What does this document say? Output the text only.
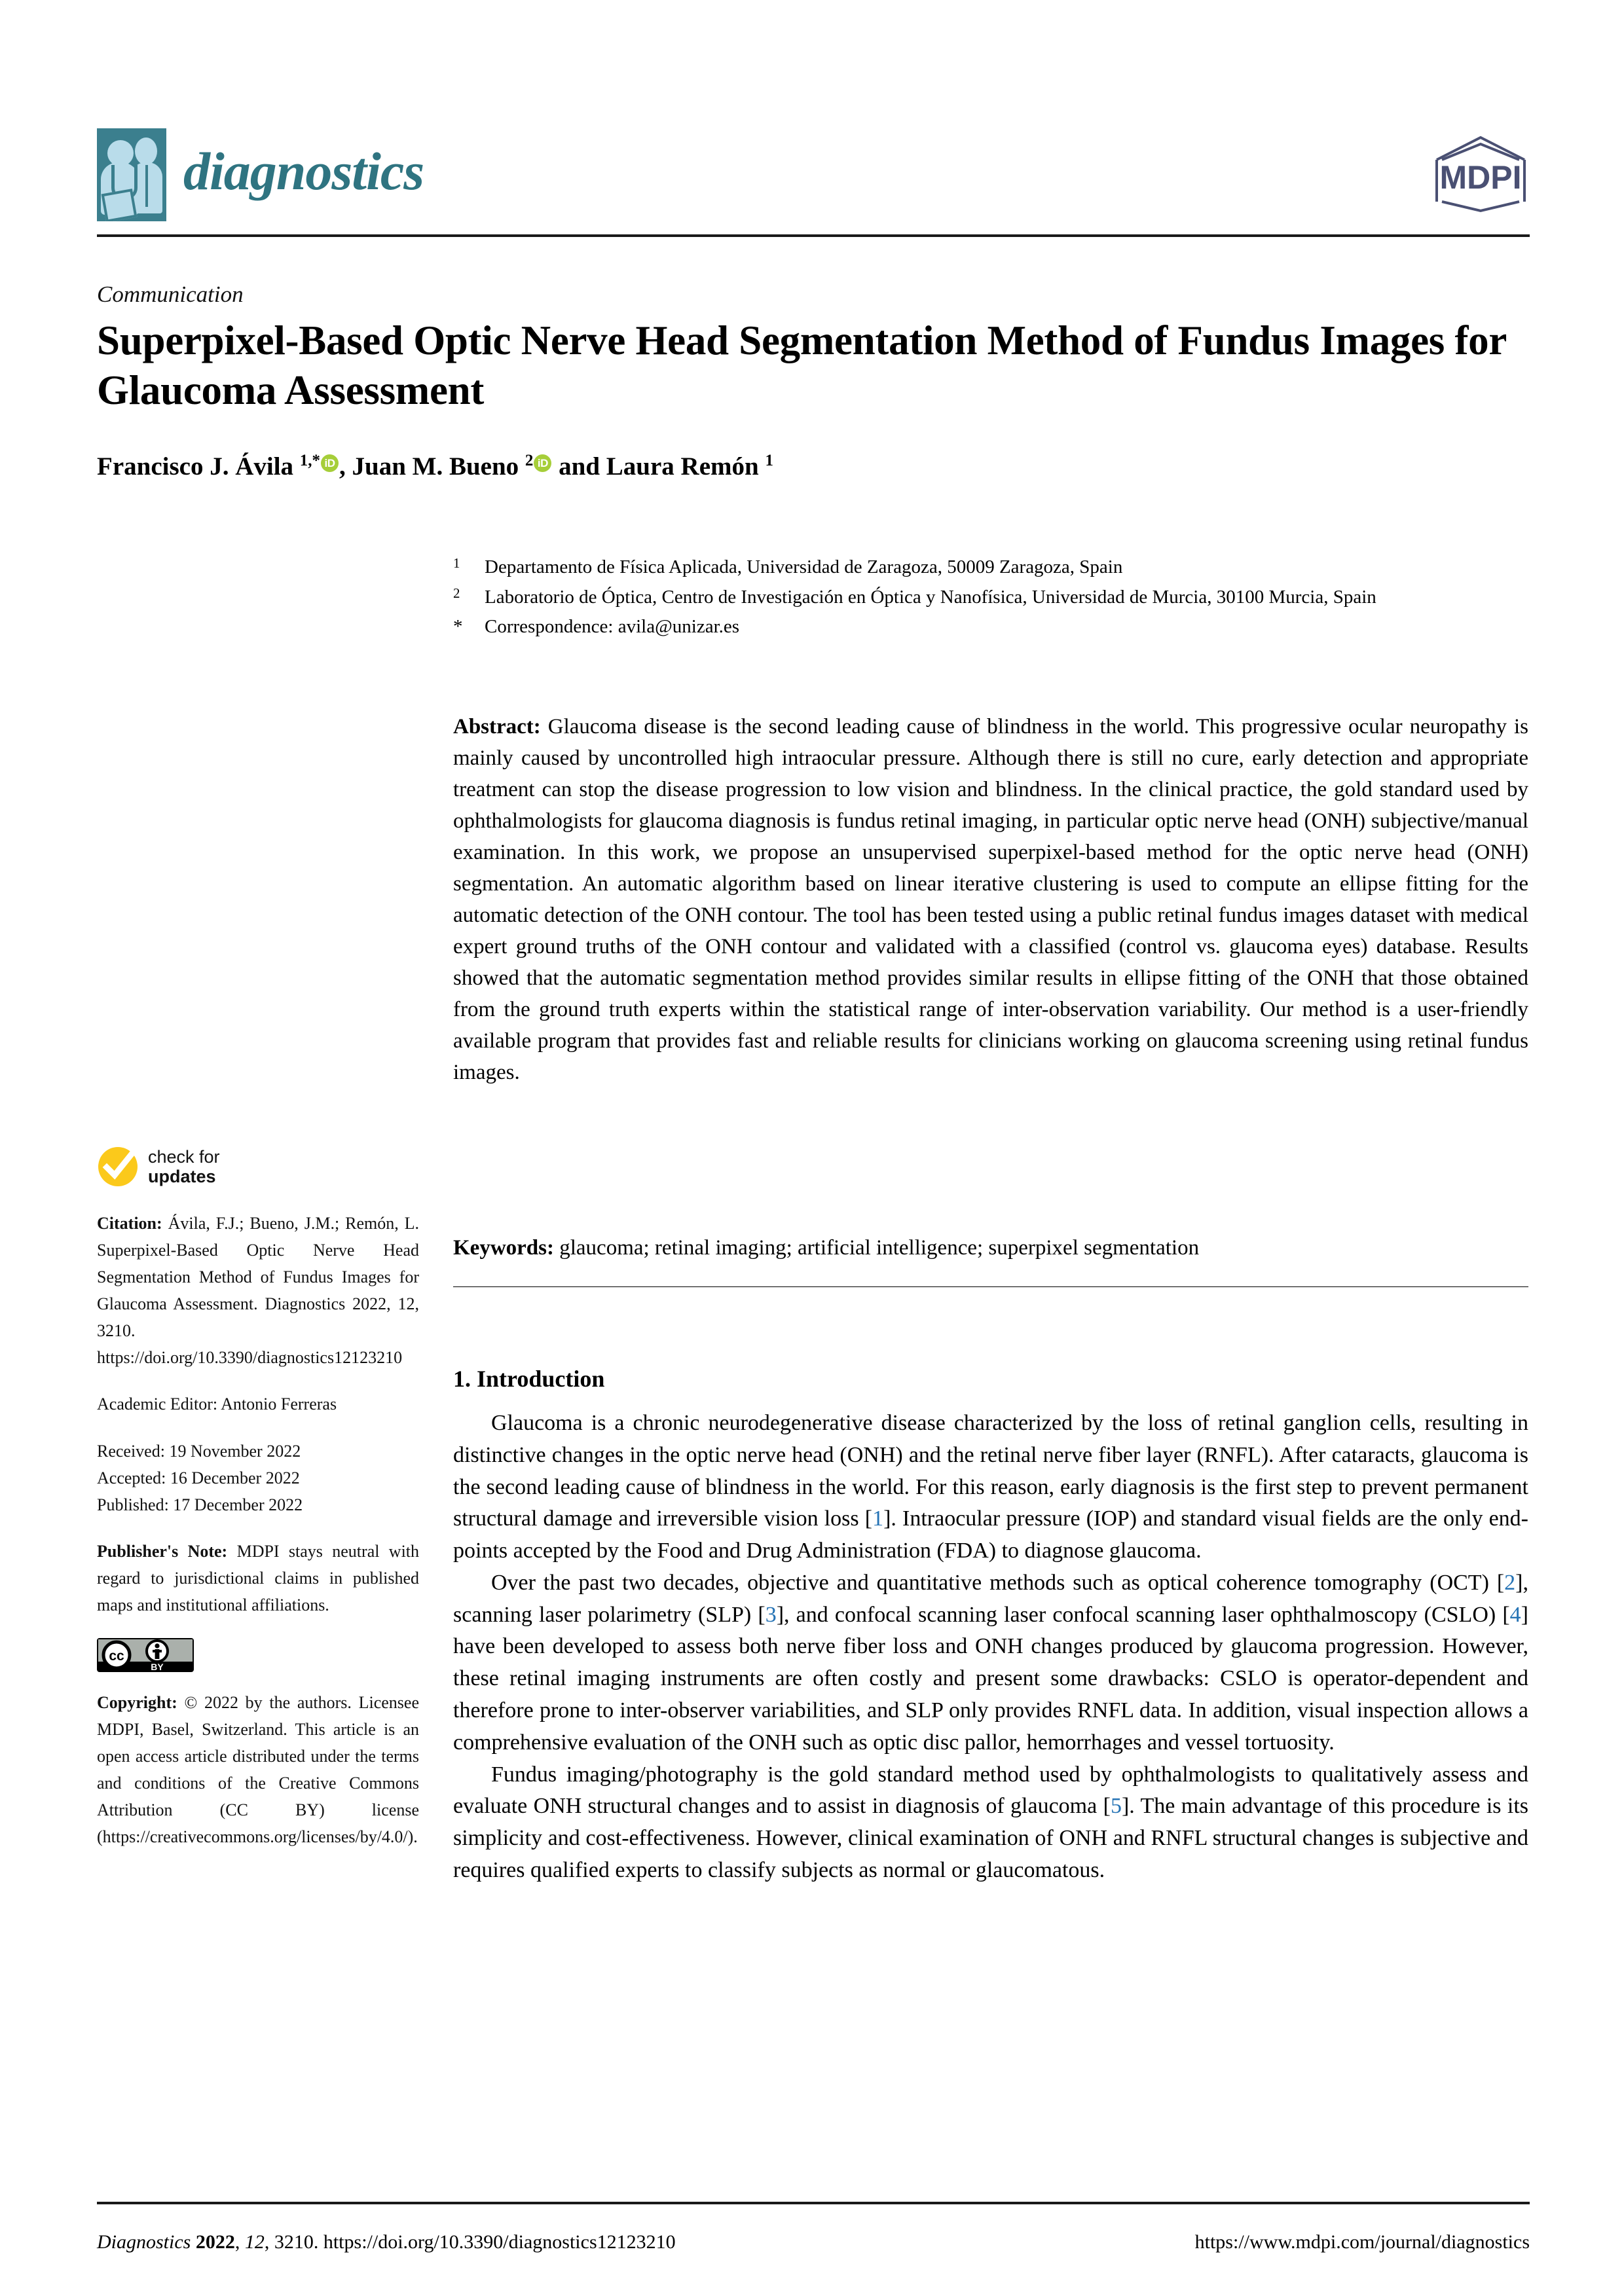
diagnostics	MDPI
Communication
Superpixel-Based Optic Nerve Head Segmentation Method of Fundus Images for Glaucoma Assessment
Francisco J. Ávila $^{1,*}$ iD , Juan M. Bueno $^2$ iD and Laura Remón $^1$
$^1$	Departamento de Física Aplicada, Universidad de Zaragoza, 50009 Zaragoza, Spain
$^2$	Laboratorio de Óptica, Centro de Investigación en Óptica y Nanofísica, Universidad de Murcia, 30100 Murcia, Spain
*	Correspondence: avila@unizar.es
Abstract: Glaucoma disease is the second leading cause of blindness in the world. This progressive ocular neuropathy is mainly caused by uncontrolled high intraocular pressure. Although there is still no cure, early detection and appropriate treatment can stop the disease progression to low vision and blindness. In the clinical practice, the gold standard used by ophthalmologists for glaucoma diagnosis is fundus retinal imaging, in particular optic nerve head (ONH) subjective/manual examination. In this work, we propose an unsupervised superpixel-based method for the optic nerve head (ONH) segmentation. An automatic algorithm based on linear iterative clustering is used to compute an ellipse fitting for the automatic detection of the ONH contour. The tool has been tested using a public retinal fundus images dataset with medical expert ground truths of the ONH contour and validated with a classified (control vs. glaucoma eyes) database. Results showed that the automatic segmentation method provides similar results in ellipse fitting of the ONH that those obtained from the ground truth experts within the statistical range of inter-observation variability. Our method is a user-friendly available program that provides fast and reliable results for clinicians working on glaucoma screening using retinal fundus images.
Keywords: glaucoma; retinal imaging; artificial intelligence; superpixel segmentation
check for
updates
Citation: Ávila, F.J.; Bueno, J.M.; Remón, L. Superpixel-Based Optic Nerve Head Segmentation Method of Fundus Images for Glaucoma Assessment. Diagnostics 2022, 12, 3210. https://doi.org/10.3390/diagnostics12123210
Academic Editor: Antonio Ferreras
Received: 19 November 2022
Accepted: 16 December 2022
Published: 17 December 2022
Publisher's Note: MDPI stays neutral with regard to jurisdictional claims in published maps and institutional affiliations.
cc
BY
Copyright: © 2022 by the authors. Licensee MDPI, Basel, Switzerland. This article is an open access article distributed under the terms and conditions of the Creative Commons Attribution (CC BY) license (https://creativecommons.org/licenses/by/4.0/).
1. Introduction

Glaucoma is a chronic neurodegenerative disease characterized by the loss of retinal ganglion cells, resulting in distinctive changes in the optic nerve head (ONH) and the retinal nerve fiber layer (RNFL). After cataracts, glaucoma is the second leading cause of blindness in the world. For this reason, early diagnosis is the first step to prevent permanent structural damage and irreversible vision loss [1]. Intraocular pressure (IOP) and standard visual fields are the only end-points accepted by the Food and Drug Administration (FDA) to diagnose glaucoma.

Over the past two decades, objective and quantitative methods such as optical coherence tomography (OCT) [2], scanning laser polarimetry (SLP) [3], and confocal scanning laser confocal scanning laser ophthalmoscopy (CSLO) [4] have been developed to assess both nerve fiber loss and ONH changes produced by glaucoma progression. However, these retinal imaging instruments are often costly and present some drawbacks: CSLO is operator-dependent and therefore prone to inter-observer variabilities, and SLP only provides RNFL data. In addition, visual inspection allows a comprehensive evaluation of the ONH such as optic disc pallor, hemorrhages and vessel tortuosity.

Fundus imaging/photography is the gold standard method used by ophthalmologists to qualitatively assess and evaluate ONH structural changes and to assist in diagnosis of glaucoma [5]. The main advantage of this procedure is its simplicity and cost-effectiveness. However, clinical examination of ONH and RNFL structural changes is subjective and requires qualified experts to classify subjects as normal or glaucomatous.

Diagnostics 2022, 12, 3210. https://doi.org/10.3390/diagnostics12123210	https://www.mdpi.com/journal/diagnostics
